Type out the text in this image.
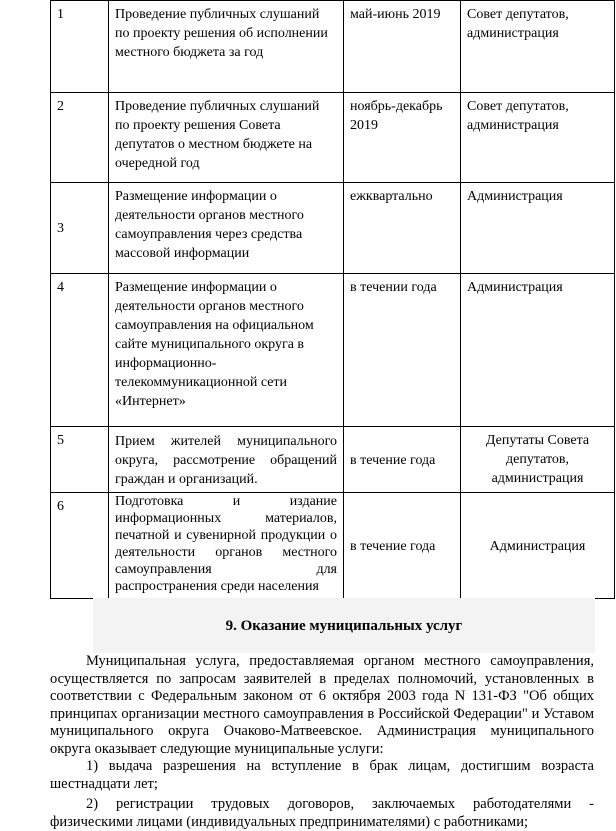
1	Проведение публичных слушаний по проекту решения об исполнении местного бюджета за год	май-июнь 2019	Совет депутатов, администрация
2	Проведение публичных слушаний по проекту решения Совета депутатов о местном бюджете на очередной год	ноябрь-декабрь 2019	Совет депутатов, администрация
3	Размещение информации о деятельности органов местного самоуправления через средства массовой информации	ежквартально	Администрация
4	Размещение информации о деятельности органов местного самоуправления на официальном сайте муниципального округа в информационно-телекоммуникационной сети «Интернет»	в течении года	Администрация
5	Прием жителей муниципального округа, рассмотрение обращений граждан и организаций.	в течение года	Депутаты Совета депутатов, администрация
6	Подготовка и издание информационных материалов, печатной и сувенирной продукции о деятельности органов местного самоуправления для распространения среди населения	в течение года	Администрация
9. Оказание муниципальных услуг

Муниципальная услуга, предоставляемая органом местного самоуправления, осуществляется по запросам заявителей в пределах полномочий, установленных в соответствии с Федеральным законом от 6 октября 2003 года N 131-ФЗ "Об общих принципах организации местного самоуправления в Российской Федерации" и Уставом муниципального округа Очаково-Матвеевское. Администрация муниципального округа оказывает следующие муниципальные услуги:

1) выдача разрешения на вступление в брак лицам, достигшим возраста шестнадцати лет;

2) регистрации трудовых договоров, заключаемых работодателями - физическими лицами (индивидуальных предпринимателями) с работниками;
